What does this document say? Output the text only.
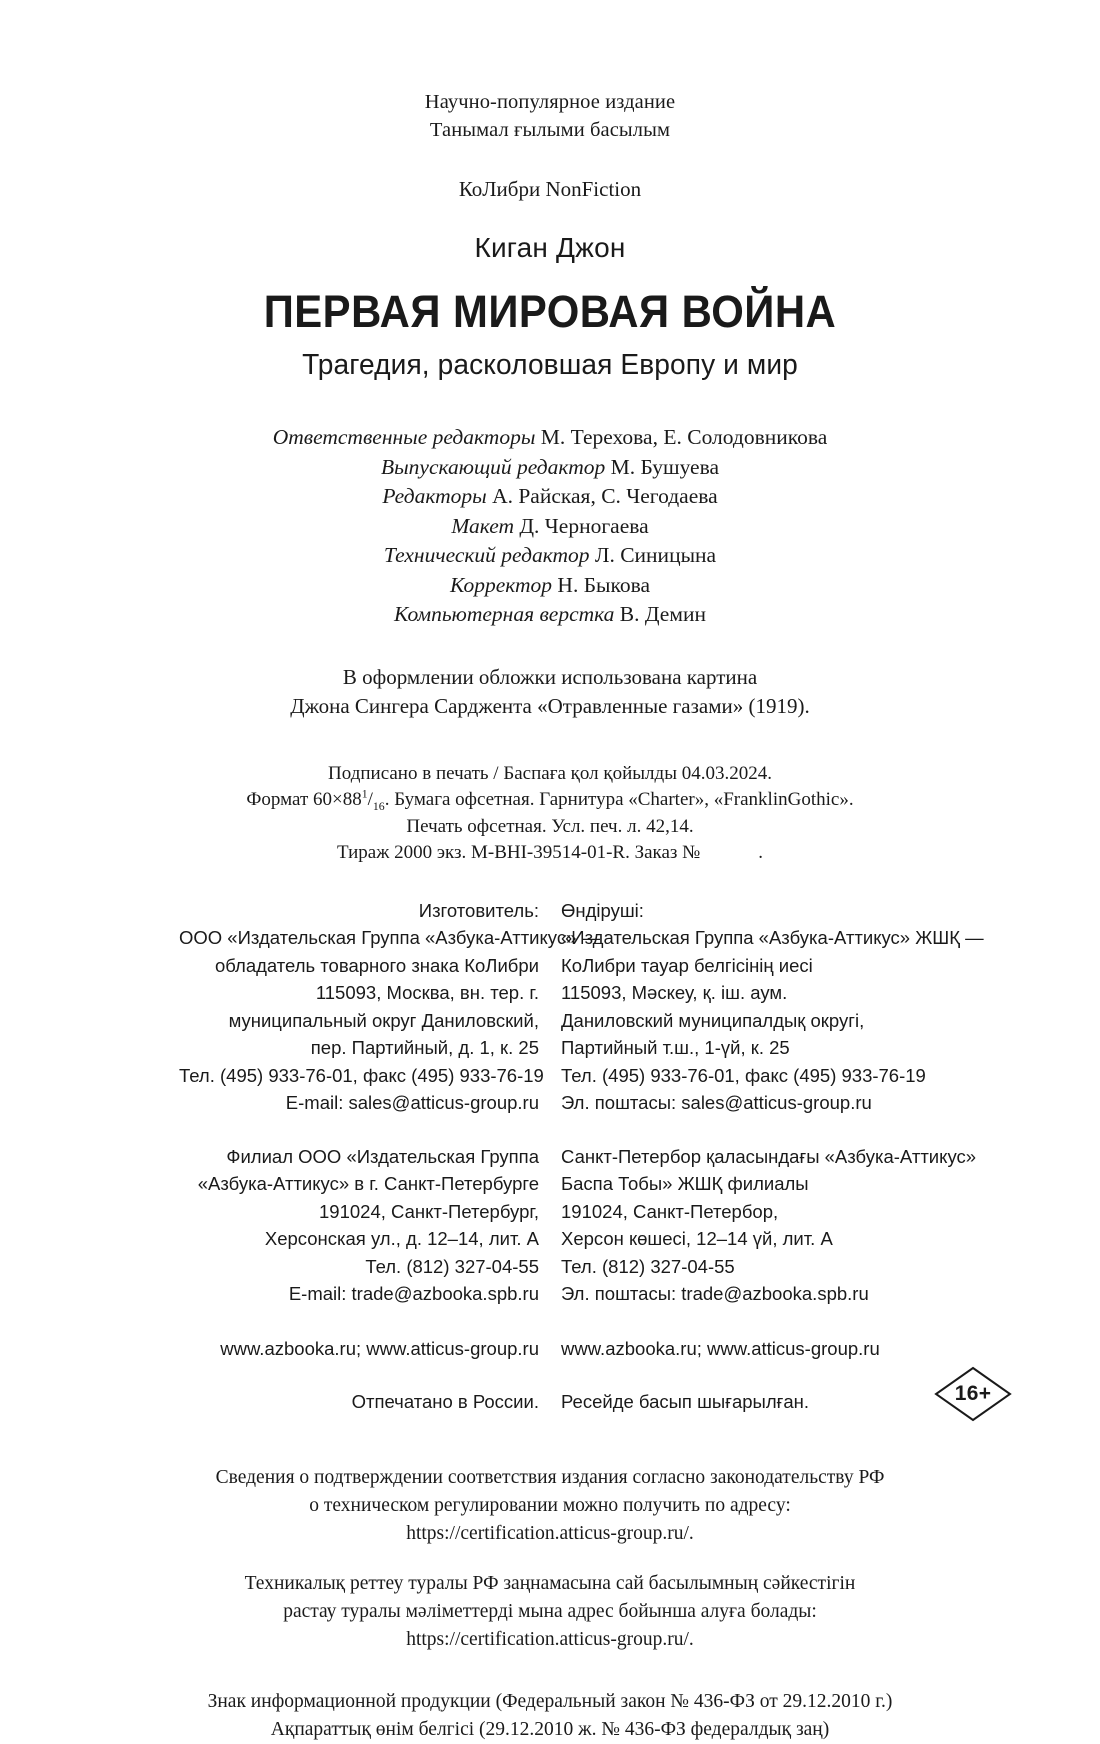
Научно-популярное издание
Танымал ғылыми басылым
КоЛибри NonFiction
Киган Джон
ПЕРВАЯ МИРОВАЯ ВОЙНА
Трагедия, расколовшая Европу и мир
Ответственные редакторы М. Терехова, Е. Солодовникова
Выпускающий редактор М. Бушуева
Редакторы А. Райская, С. Чегодаева
Макет Д. Черногаева
Технический редактор Л. Синицына
Корректор Н. Быкова
Компьютерная верстка В. Демин
В оформлении обложки использована картина
Джона Сингера Сарджента «Отравленные газами» (1919).
Подписано в печать / Баспаға қол қойылды 04.03.2024.
Формат $60\times 88^1/_{16}$. Бумага офсетная. Гарнитура «Charter», «FranklinGothic».
Печать офсетная. Усл. печ. л. 42,14.
Тираж 2000 экз. M-BHI-39514-01-R. Заказ №	.
Изготовитель:
ООО «Издательская Группа «Азбука-Аттикус» —
обладатель товарного знака КоЛибри
115093, Москва, вн. тер. г.
муниципальный округ Даниловский,
пер. Партийный, д. 1, к. 25
Тел. (495) 933-76-01, факс (495) 933-76-19
E-mail: sales@atticus-group.ru
Филиал ООО «Издательская Группа
«Азбука-Аттикус» в г. Санкт-Петербурге
191024, Санкт-Петербург,
Херсонская ул., д. 12–14, лит. А
Тел. (812) 327-04-55
E-mail: trade@azbooka.spb.ru
www.azbooka.ru; www.atticus-group.ru
Отпечатано в России.
Өндіруші:
«Издательская Группа «Азбука-Аттикус» ЖШҚ —
КоЛибри тауар белгісінің иесі
115093, Мәскеу, қ. іш. аум.
Даниловский муниципалдық округі,
Партийный т.ш., 1-үй, к. 25
Тел. (495) 933-76-01, факс (495) 933-76-19
Эл. поштасы: sales@atticus-group.ru
Санкт-Петербор қаласындағы «Азбука-Аттикус»
Баспа Тобы» ЖШҚ филиалы
191024, Санкт-Петербор,
Херсон көшесі, 12–14 үй, лит. А
Тел. (812) 327-04-55
Эл. поштасы: trade@azbooka.spb.ru
www.azbooka.ru; www.atticus-group.ru
Ресейде басып шығарылған.
Сведения о подтверждении соответствия издания согласно законодательству РФ
о техническом регулировании можно получить по адресу:
https://certification.atticus-group.ru/.
Техникалық реттеу туралы РФ заңнамасына сай басылымның сәйкестігін
растау туралы мәліметтерді мына адрес бойынша алуға болады:
https://certification.atticus-group.ru/.
Знак информационной продукции (Федеральный закон № 436-ФЗ от 29.12.2010 г.)
Ақпараттық өнім белгісі (29.12.2010 ж. № 436-ФЗ федералдық заң)
16+
